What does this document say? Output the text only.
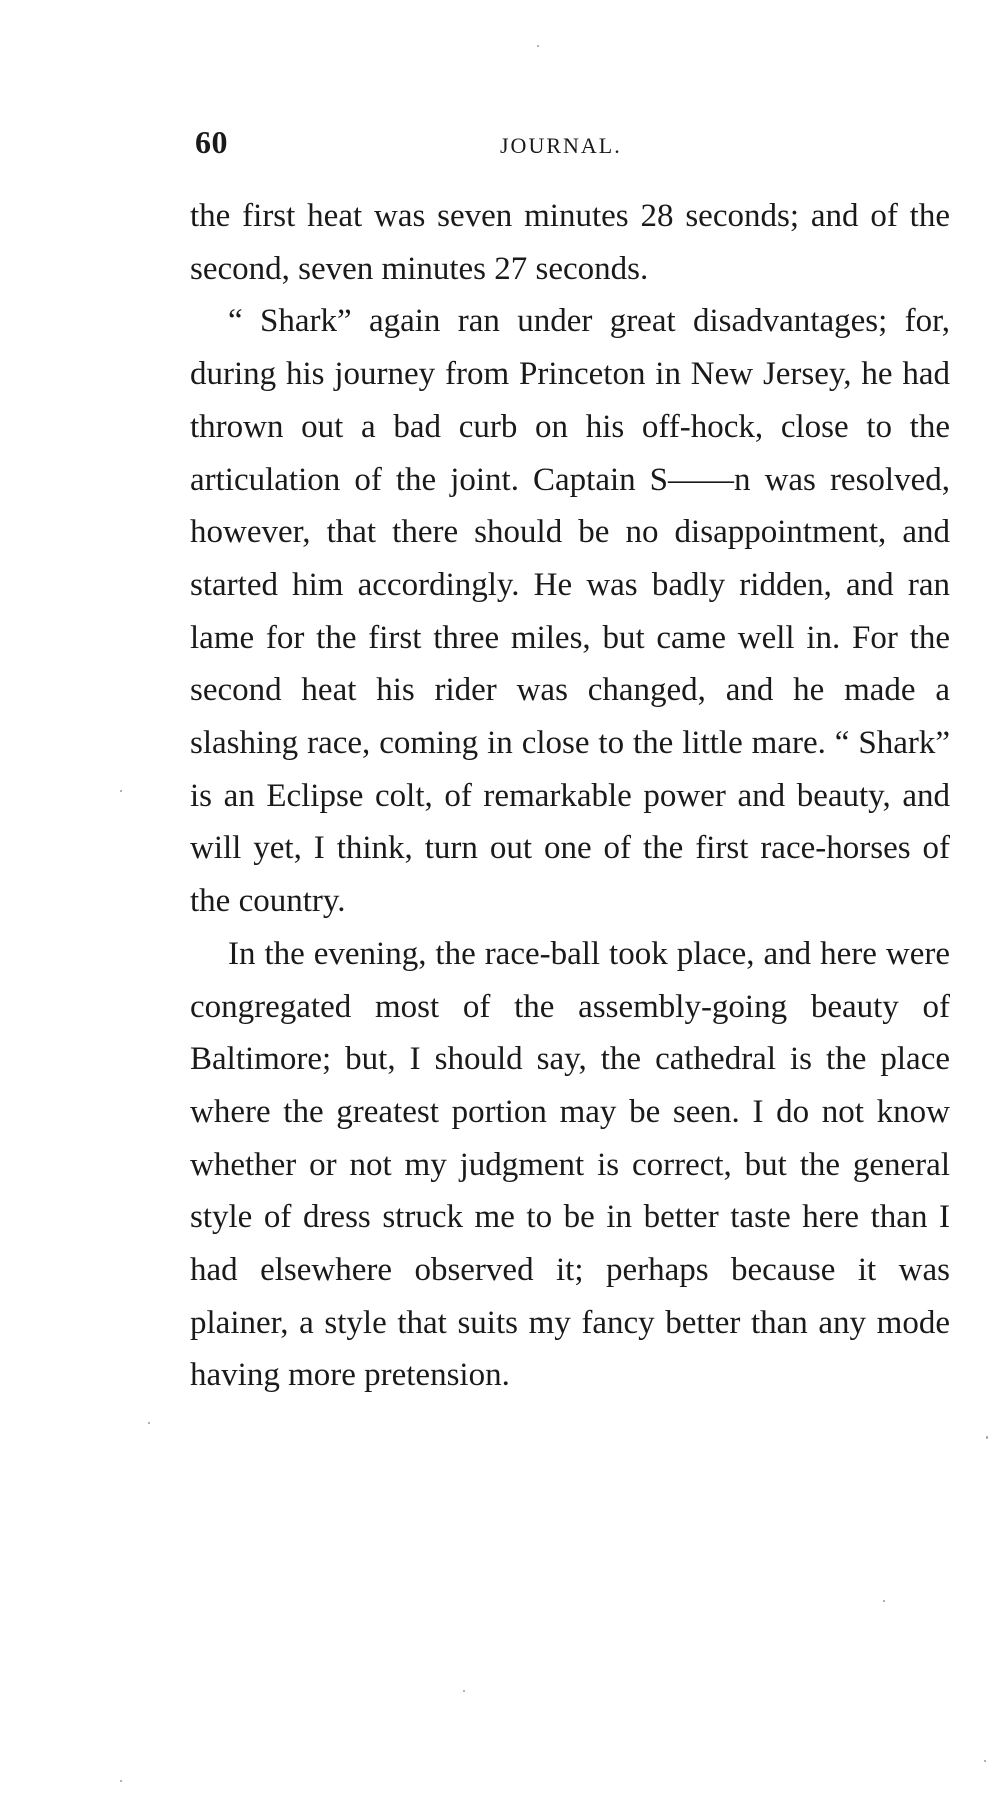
60	JOURNAL.

the first heat was seven minutes 28 seconds; and of the second, seven minutes 27 seconds.

“ Shark” again ran under great disadvantages; for, during his journey from Princeton in New Jersey, he had thrown out a bad curb on his off-hock, close to the articulation of the joint. Captain S——n was resolved, however, that there should be no disappointment, and started him accordingly. He was badly ridden, and ran lame for the first three miles, but came well in. For the second heat his rider was changed, and he made a slashing race, coming in close to the little mare. “ Shark” is an Eclipse colt, of remarkable power and beauty, and will yet, I think, turn out one of the first race-horses of the country.

In the evening, the race-ball took place, and here were congregated most of the assembly-going beauty of Baltimore; but, I should say, the cathedral is the place where the greatest portion may be seen. I do not know whether or not my judgment is correct, but the general style of dress struck me to be in better taste here than I had elsewhere observed it; perhaps because it was plainer, a style that suits my fancy better than any mode having more pretension.
